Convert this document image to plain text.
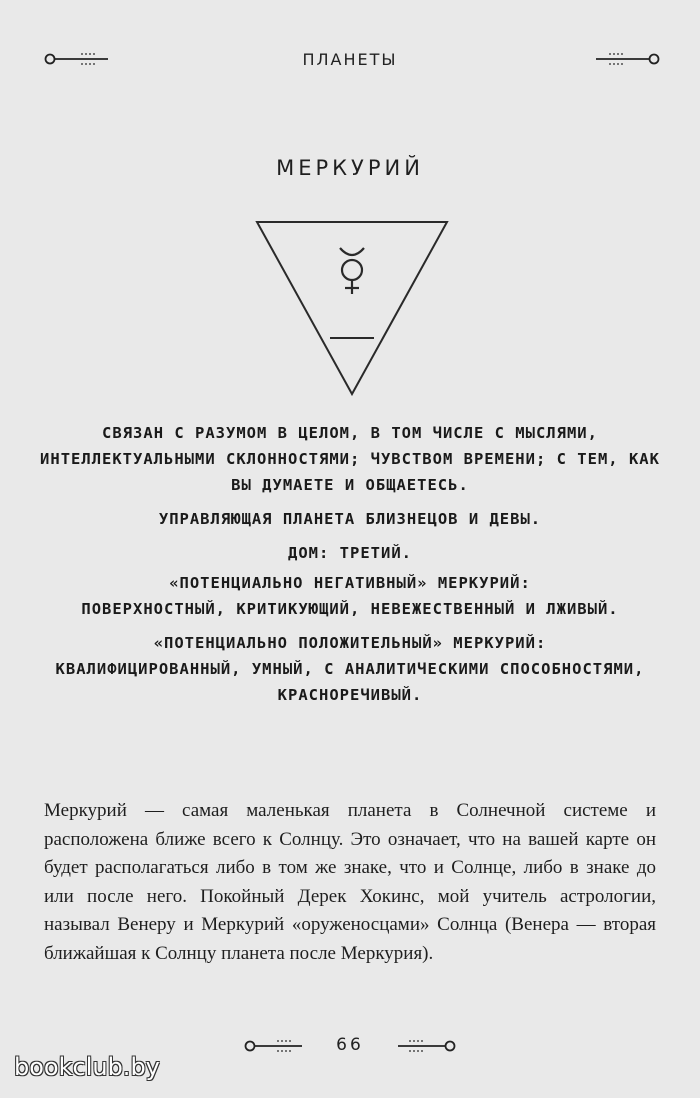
ПЛАНЕТЫ
МЕРКУРИЙ

СВЯЗАН С РАЗУМОМ В ЦЕЛОМ, В ТОМ ЧИСЛЕ С МЫСЛЯМИ, ИНТЕЛЛЕКТУАЛЬНЫМИ СКЛОННОСТЯМИ; ЧУВСТВОМ ВРЕМЕНИ; С ТЕМ, КАК ВЫ ДУМАЕТЕ И ОБЩАЕТЕСЬ.

УПРАВЛЯЮЩАЯ ПЛАНЕТА БЛИЗНЕЦОВ И ДЕВЫ.

ДОМ: ТРЕТИЙ.

«ПОТЕНЦИАЛЬНО НЕГАТИВНЫЙ» МЕРКУРИЙ:

ПОВЕРХНОСТНЫЙ, КРИТИКУЮЩИЙ, НЕВЕЖЕСТВЕННЫЙ И ЛЖИВЫЙ.

«ПОТЕНЦИАЛЬНО ПОЛОЖИТЕЛЬНЫЙ» МЕРКУРИЙ:

КВАЛИФИЦИРОВАННЫЙ, УМНЫЙ, С АНАЛИТИЧЕСКИМИ СПОСОБНОСТЯМИ, КРАСНОРЕЧИВЫЙ.

Меркурий — самая маленькая планета в Солнечной системе и расположена ближе всего к Солнцу. Это означает, что на вашей карте он будет располагаться либо в том же знаке, что и Солнце, либо в знаке до или после него. Покойный Дерек Хокинс, мой учитель астрологии, называл Венеру и Меркурий «оруженосцами» Солнца (Венера — вторая ближайшая к Солнцу планета после Меркурия).
66
bookclub.by
